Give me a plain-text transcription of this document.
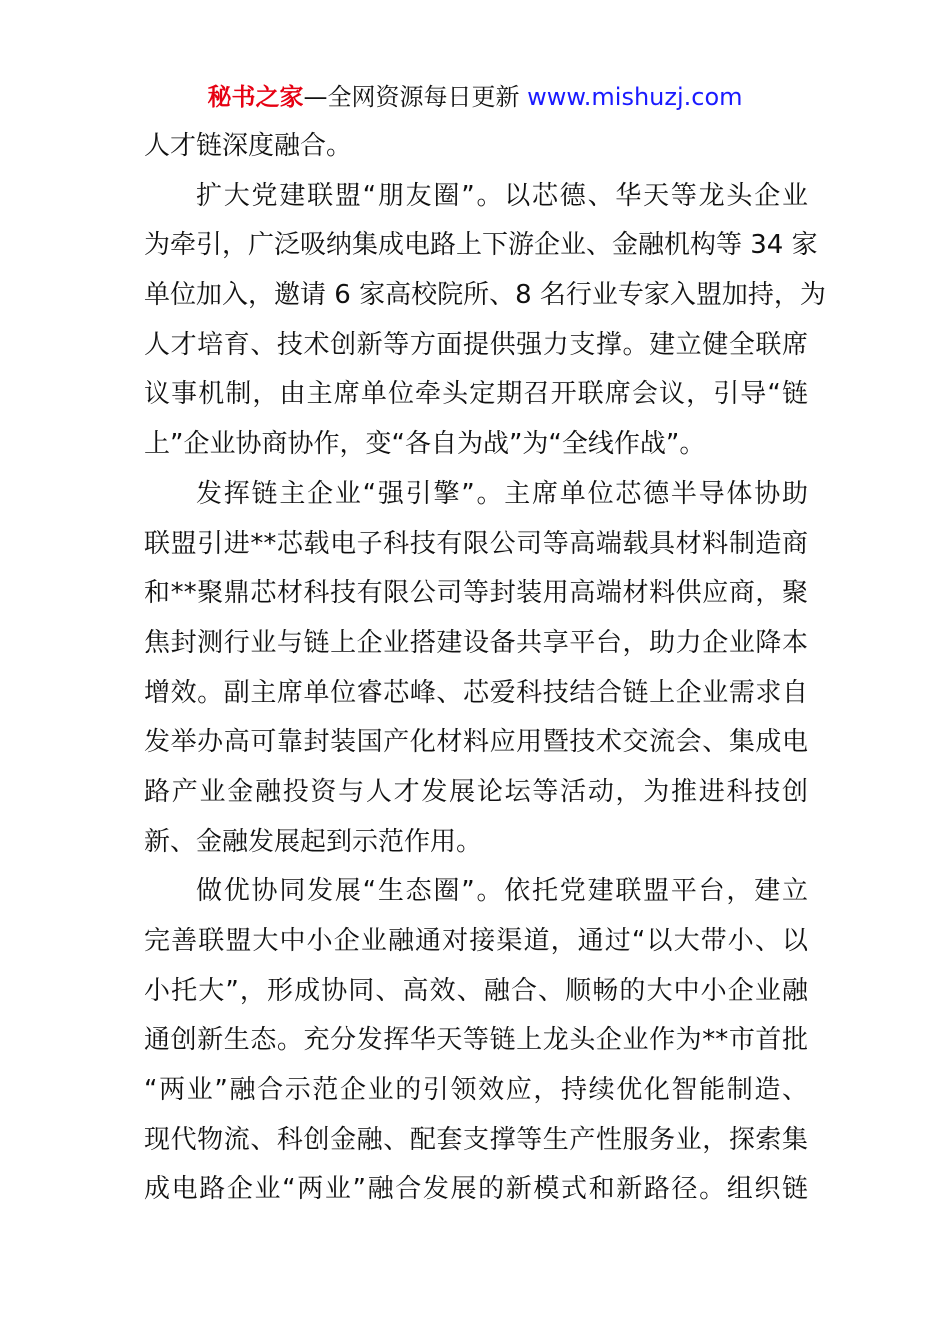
秘书之家—全网资源每日更新 www.mishuzj.com
人才链深度融合。
扩大党建联盟“朋友圈”。以芯德、华天等龙头企业
为牵引，广泛吸纳集成电路上下游企业、金融机构等 34 家
单位加入，邀请 6 家高校院所、8 名行业专家入盟加持，为
人才培育、技术创新等方面提供强力支撑。建立健全联席
议事机制，由主席单位牵头定期召开联席会议，引导“链
上”企业协商协作，变“各自为战”为“全线作战”。
发挥链主企业“强引擎”。主席单位芯德半导体协助
联盟引进**芯载电子科技有限公司等高端载具材料制造商
和**聚鼎芯材科技有限公司等封装用高端材料供应商，聚
焦封测行业与链上企业搭建设备共享平台，助力企业降本
增效。副主席单位睿芯峰、芯爱科技结合链上企业需求自
发举办高可靠封装国产化材料应用暨技术交流会、集成电
路产业金融投资与人才发展论坛等活动，为推进科技创
新、金融发展起到示范作用。
做优协同发展“生态圈”。依托党建联盟平台，建立
完善联盟大中小企业融通对接渠道，通过“以大带小、以
小托大”，形成协同、高效、融合、顺畅的大中小企业融
通创新生态。充分发挥华天等链上龙头企业作为**市首批
“两业”融合示范企业的引领效应，持续优化智能制造、
现代物流、科创金融、配套支撑等生产性服务业，探索集
成电路企业“两业”融合发展的新模式和新路径。组织链
